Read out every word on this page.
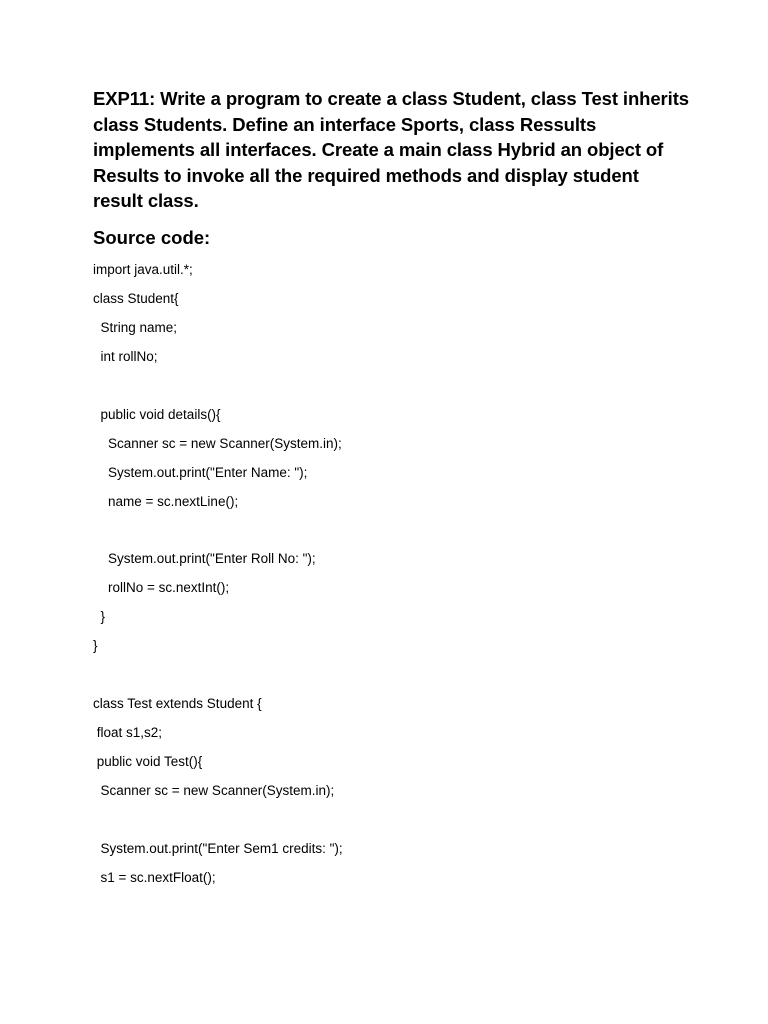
EXP11: Write a program to create a class Student, class Test inherits
class Students. Define an interface Sports, class Ressults
implements all interfaces. Create a main class Hybrid an object of
Results to invoke all the required methods and display student
result class.
Source code:
import java.util.*;
class Student{
String name;
int rollNo;
public void details(){
Scanner sc = new Scanner(System.in);
System.out.print("Enter Name: ");
name = sc.nextLine();
System.out.print("Enter Roll No: ");
rollNo = sc.nextInt();
}
}
class Test extends Student {
float s1,s2;
public void Test(){
Scanner sc = new Scanner(System.in);
System.out.print("Enter Sem1 credits: ");
s1 = sc.nextFloat();
